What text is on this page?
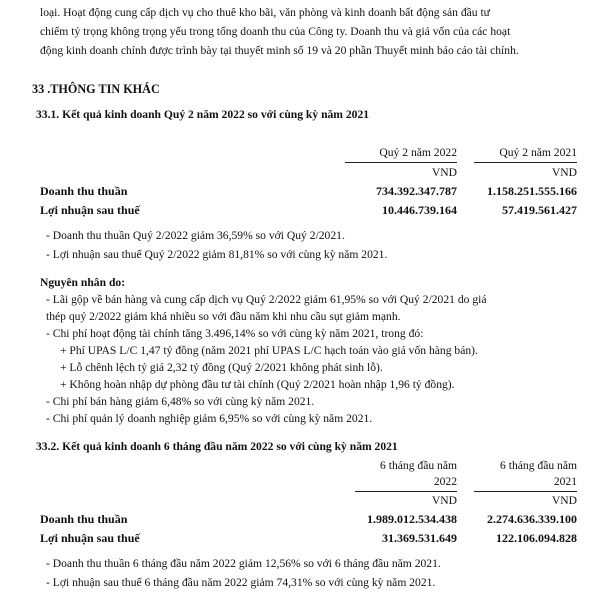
loại. Hoạt động cung cấp dịch vụ cho thuê kho bãi, văn phòng và kinh doanh bất động sản đầu tư
chiếm tỷ trọng không trọng yếu trong tổng doanh thu của Công ty. Doanh thu và giá vốn của các hoạt
động kinh doanh chính được trình bày tại thuyết minh số 19 và 20 phần Thuyết minh báo cáo tài chính.
33 .THÔNG TIN KHÁC
33.1. Kết quả kinh doanh Quý 2 năm 2022 so với cùng kỳ năm 2021
Quý 2 năm 2022	Quý 2 năm 2021
VND	VND
Doanh thu thuần	734.392.347.787	1.158.251.555.166
Lợi nhuận sau thuế	10.446.739.164	57.419.561.427
- Doanh thu thuần Quý 2/2022 giảm 36,59% so với Quý 2/2021.
- Lợi nhuận sau thuế Quý 2/2022 giảm 81,81% so với cùng kỳ năm 2021.
Nguyên nhân do:
- Lãi gộp về bán hàng và cung cấp dịch vụ Quý 2/2022 giảm 61,95% so với Quý 2/2021 do giá
thép quý 2/2022 giảm khá nhiều so với đầu năm khi nhu cầu sụt giảm mạnh.
- Chi phí hoạt động tài chính tăng 3.496,14% so với cùng kỳ năm 2021, trong đó:
+ Phí UPAS L/C 1,47 tỷ đồng (năm 2021 phí UPAS L/C hạch toán vào giá vốn hàng bán).
+ Lỗ chênh lệch tỷ giá 2,32 tỷ đồng (Quý 2/2021 không phát sinh lỗ).
+ Không hoàn nhập dự phòng đầu tư tài chính (Quý 2/2021 hoàn nhập 1,96 tỷ đồng).
- Chi phí bán hàng giảm 6,48% so với cùng kỳ năm 2021.
- Chi phí quản lý doanh nghiệp giảm 6,95% so với cùng kỳ năm 2021.
33.2. Kết quả kinh doanh 6 tháng đầu năm 2022 so với cùng kỳ năm 2021
6 tháng đầu năm	6 tháng đầu năm
2022	2021
VND	VND
Doanh thu thuần	1.989.012.534.438	2.274.636.339.100
Lợi nhuận sau thuế	31.369.531.649	122.106.094.828
- Doanh thu thuần 6 tháng đầu năm 2022 giảm 12,56% so với 6 tháng đầu năm 2021.
- Lợi nhuận sau thuế 6 tháng đầu năm 2022 giảm 74,31% so với cùng kỳ năm 2021.
